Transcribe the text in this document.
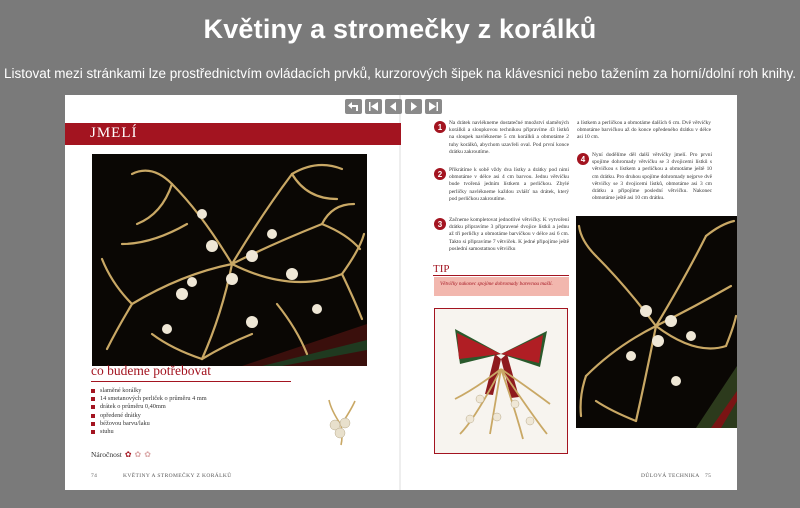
Květiny a stromečky z korálků
Listovat mezi stránkami lze prostřednictvím ovládacích prvků, kurzorových šipek na klávesnici nebo tažením za horní/dolní roh knihy.
JMELÍ
co budeme potřebovat
slaměné korálky
14 smetanových perliček o průměru 4 mm
drátek o průměru 0,40mm
opředené drátky
béžovou barvu/laku
stuhu
Náročnost ✿ ✿ ✿
74	KVĚTINY A STROMEČKY Z KORÁLKŮ
1	Na drátek navlékneme dostatečné množství slaměných korálků a sloupkovou technikou připravíme 43 lístků na sloupek navlékneme 5 cm korálků a obmotáme 2 tuhy korálků, abychom uzavřeli oval. Pod první konce drátku zakroutíme.
2	Přikrátíme k sobě vždy dva lístky a drátky pod nimi obmotáme v délce asi 4 cm barvou. Jednu větvičku bude tvořená jedním lístkem a perličkou. Zbylé perličky navlékneme každou zvlášť na drátek, který pod perličkou zakroutíme.
3	Začneme kompletovat jednotlivé větvičky. K vytvoření drátku připravíme 3 připravené dvojice lístků a jednu až tři perličky a obmotáme barvičkou v délce asi 6 cm. Takto si připravíme 7 větviček. K jedné připojíme ještě poslední samostatnou větvičku
TIP
Větvičky nakonec spojíme dohromady barevnou mašlí.
a lístkem a perličkou a obmotáme dalších 6 cm. Dvě větvičky obmotáme barvičkou až do konce opředeného drátku v délce asi 10 cm.
4	Nyní dodělíme děl další větvičky jmelí. Pro první spojíme dohromady větvičku se 3 dvojicemi lístků s větvičkou s lístkem a perličkou a obmotáme ještě 10 cm drátku. Pro druhou spojíme dohromady nejprve dvě větvičky se 3 dvojicemi lístků, obmotáme asi 3 cm drátku a připojíme poslední větvičku. Nakonec obmotáme ještě asi 10 cm drátku.
DŮLOVÁ TECHNIKA 75
